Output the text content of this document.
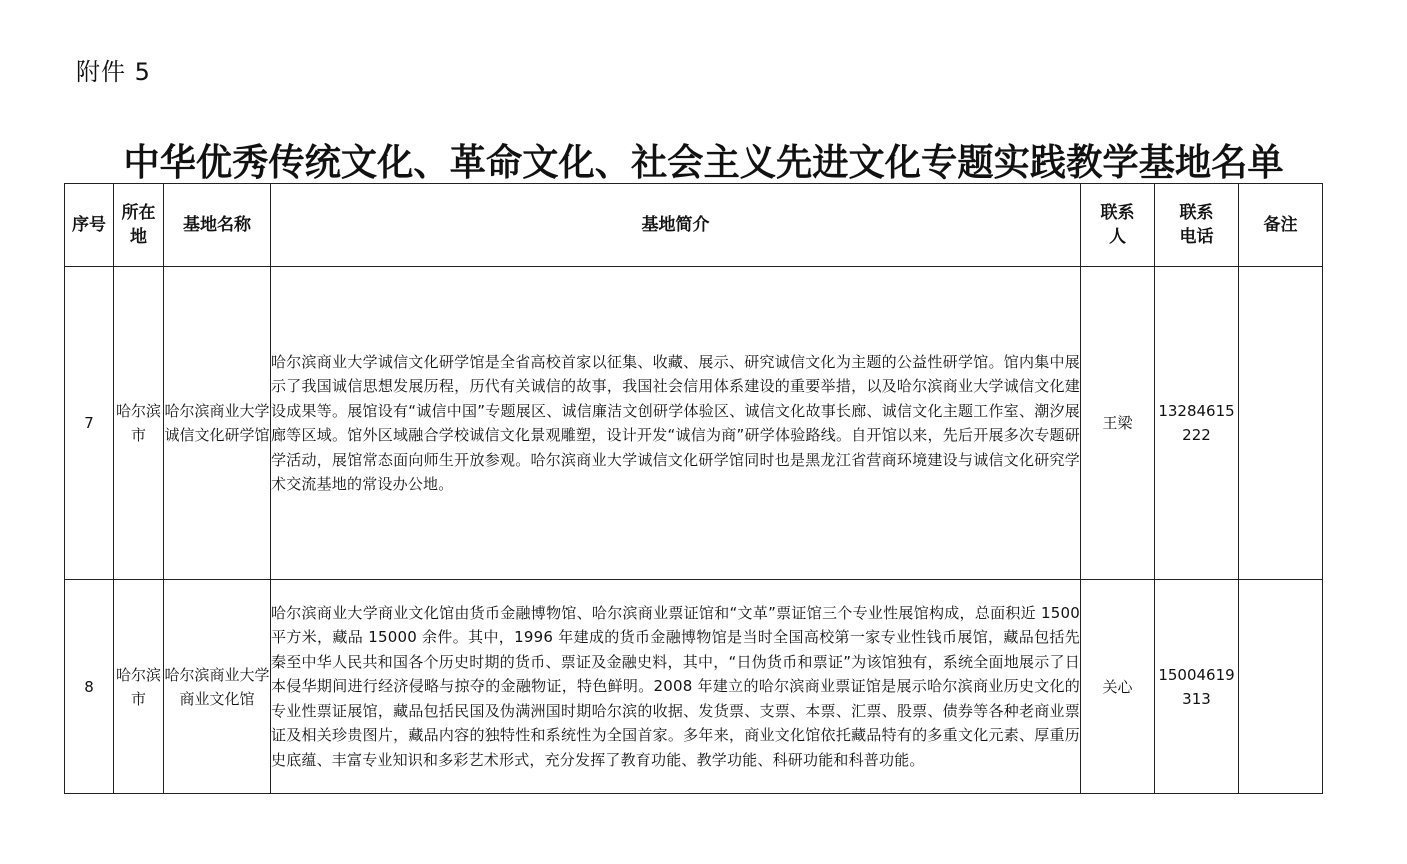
附件 5
中华优秀传统文化、革命文化、社会主义先进文化专题实践教学基地名单
序号	所在地	基地名称	基地简介	联系人	联系电话	备注
7	哈尔滨市	哈尔滨商业大学诚信文化研学馆	哈尔滨商业大学诚信文化研学馆是全省高校首家以征集、收藏、展示、研究诚信文化为主题的公益性研学馆。馆内集中展示了我国诚信思想发展历程，历代有关诚信的故事，我国社会信用体系建设的重要举措，以及哈尔滨商业大学诚信文化建设成果等。展馆设有“诚信中国”专题展区、诚信廉洁文创研学体验区、诚信文化故事长廊、诚信文化主题工作室、潮汐展廊等区域。馆外区域融合学校诚信文化景观雕塑，设计开发“诚信为商”研学体验路线。自开馆以来，先后开展多次专题研学活动，展馆常态面向师生开放参观。哈尔滨商业大学诚信文化研学馆同时也是黑龙江省营商环境建设与诚信文化研究学术交流基地的常设办公地。	王梁	13284615222	
8	哈尔滨市	哈尔滨商业大学商业文化馆	哈尔滨商业大学商业文化馆由货币金融博物馆、哈尔滨商业票证馆和“文革”票证馆三个专业性展馆构成，总面积近 1500 平方米，藏品 15000 余件。其中，1996 年建成的货币金融博物馆是当时全国高校第一家专业性钱币展馆，藏品包括先秦至中华人民共和国各个历史时期的货币、票证及金融史料，其中，“日伪货币和票证”为该馆独有，系统全面地展示了日本侵华期间进行经济侵略与掠夺的金融物证，特色鲜明。2008 年建立的哈尔滨商业票证馆是展示哈尔滨商业历史文化的专业性票证展馆，藏品包括民国及伪满洲国时期哈尔滨的收据、发货票、支票、本票、汇票、股票、债券等各种老商业票证及相关珍贵图片，藏品内容的独特性和系统性为全国首家。多年来，商业文化馆依托藏品特有的多重文化元素、厚重历史底蕴、丰富专业知识和多彩艺术形式，充分发挥了教育功能、教学功能、科研功能和科普功能。	关心	15004619313	
